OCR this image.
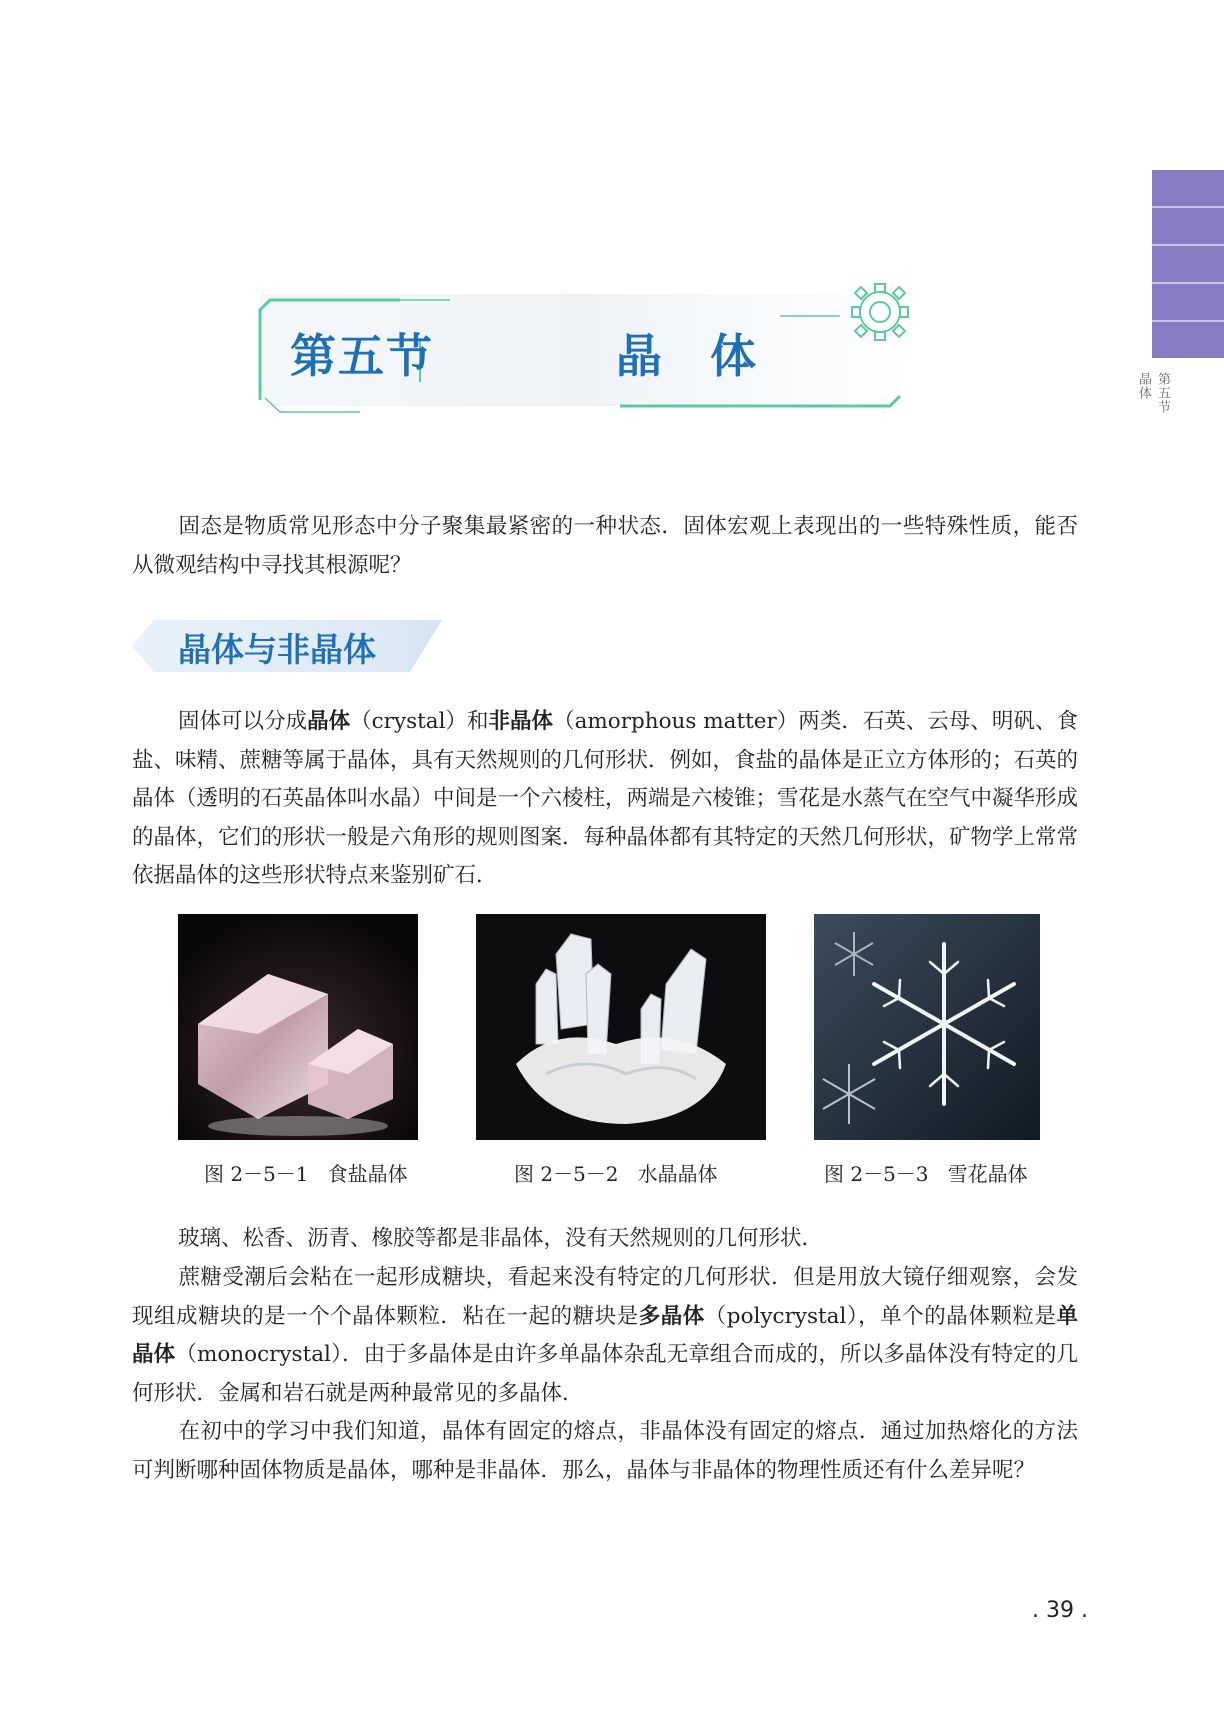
第五节
晶体
第五节	晶体
固态是物质常见形态中分子聚集最紧密的一种状态．固体宏观上表现出的一些特殊性质，能否从微观结构中寻找其根源呢？
晶体与非晶体
固体可以分成晶体（crystal）和非晶体（amorphous matter）两类．石英、云母、明矾、食盐、味精、蔗糖等属于晶体，具有天然规则的几何形状．例如，食盐的晶体是正立方体形的；石英的晶体（透明的石英晶体叫水晶）中间是一个六棱柱，两端是六棱锥；雪花是水蒸气在空气中凝华形成的晶体，它们的形状一般是六角形的规则图案．每种晶体都有其特定的天然几何形状，矿物学上常常依据晶体的这些形状特点来鉴别矿石．
图 2－5－1 食盐晶体	图 2－5－2 水晶晶体	图 2－5－3 雪花晶体
玻璃、松香、沥青、橡胶等都是非晶体，没有天然规则的几何形状．
蔗糖受潮后会粘在一起形成糖块，看起来没有特定的几何形状．但是用放大镜仔细观察，会发现组成糖块的是一个个晶体颗粒．粘在一起的糖块是多晶体（polycrystal），单个的晶体颗粒是单晶体（monocrystal）．由于多晶体是由许多单晶体杂乱无章组合而成的，所以多晶体没有特定的几何形状．金属和岩石就是两种最常见的多晶体．
在初中的学习中我们知道，晶体有固定的熔点，非晶体没有固定的熔点．通过加热熔化的方法可判断哪种固体物质是晶体，哪种是非晶体．那么，晶体与非晶体的物理性质还有什么差异呢？
. 39 .
